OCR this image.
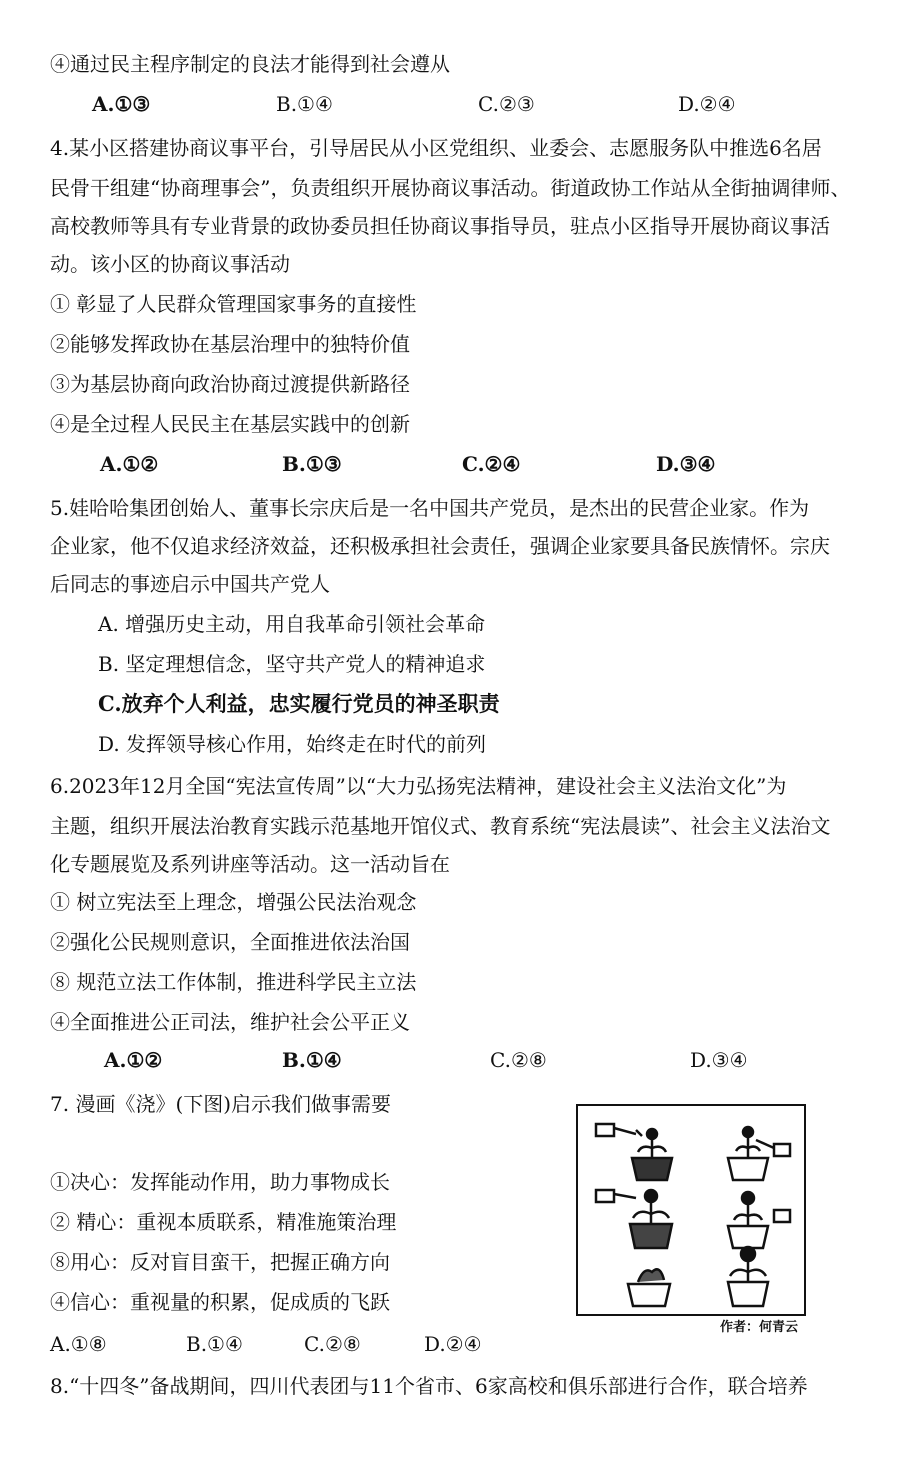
④通过民主程序制定的良法才能得到社会遵从
A.①③	B.①④	C.②③	D.②④
4.某小区搭建协商议事平台，引导居民从小区党组织、业委会、志愿服务队中推选6名居
民骨干组建“协商理事会”，负责组织开展协商议事活动。街道政协工作站从全街抽调律师、
高校教师等具有专业背景的政协委员担任协商议事指导员，驻点小区指导开展协商议事活
动。该小区的协商议事活动
① 彰显了人民群众管理国家事务的直接性
②能够发挥政协在基层治理中的独特价值
③为基层协商向政治协商过渡提供新路径
④是全过程人民民主在基层实践中的创新
A.①②	B.①③	C.②④	D.③④
5.娃哈哈集团创始人、董事长宗庆后是一名中国共产党员，是杰出的民营企业家。作为
企业家，他不仅追求经济效益，还积极承担社会责任，强调企业家要具备民族情怀。宗庆
后同志的事迹启示中国共产党人
A. 增强历史主动，用自我革命引领社会革命
B. 坚定理想信念，坚守共产党人的精神追求
C.放弃个人利益，忠实履行党员的神圣职责
D. 发挥领导核心作用，始终走在时代的前列
6.2023年12月全国“宪法宣传周”以“大力弘扬宪法精神，建设社会主义法治文化”为
主题，组织开展法治教育实践示范基地开馆仪式、教育系统“宪法晨读”、社会主义法治文
化专题展览及系列讲座等活动。这一活动旨在
① 树立宪法至上理念，增强公民法治观念
②强化公民规则意识，全面推进依法治国
⑧ 规范立法工作体制，推进科学民主立法
④全面推进公正司法，维护社会公平正义
A.①②	B.①④	C.②⑧	D.③④
7. 漫画《浇》(下图)启示我们做事需要
①决心：发挥能动作用，助力事物成长
② 精心：重视本质联系，精准施策治理
⑧用心：反对盲目蛮干，把握正确方向
④信心：重视量的积累，促成质的飞跃
A.①⑧	B.①④	C.②⑧	D.②④
作者：何青云
8.“十四冬”备战期间，四川代表团与11个省市、6家高校和俱乐部进行合作，联合培养
